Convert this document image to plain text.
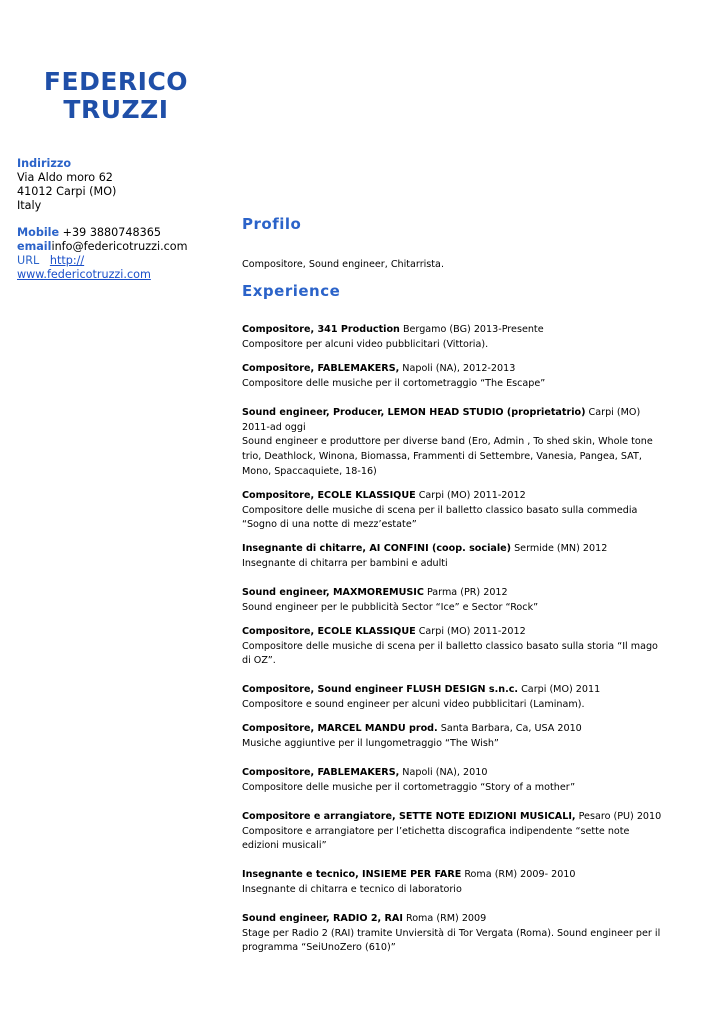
FEDERICO
TRUZZI
Indirizzo
Via Aldo moro 62
41012 Carpi (MO)
Italy
Mobile +39 3880748365
emailinfo@federicotruzzi.com
URL http://
www.federicotruzzi.com
Profilo
Compositore, Sound engineer, Chitarrista.
Experience
Compositore, 341 Production Bergamo (BG) 2013-Presente
Compositore per alcuni video pubblicitari (Vittoria).
Compositore, FABLEMAKERS, Napoli (NA), 2012-2013
Compositore delle musiche per il cortometraggio “The Escape”
Sound engineer, Producer, LEMON HEAD STUDIO (proprietatrio) Carpi (MO) 2011-ad oggi
Sound engineer e produttore per diverse band (Ero, Admin , To shed skin, Whole tone trio, Deathlock, Winona, Biomassa, Frammenti di Settembre, Vanesia, Pangea, SAT, Mono, Spaccaquiete, 18-16)
Compositore, ECOLE KLASSIQUE Carpi (MO) 2011-2012
Compositore delle musiche di scena per il balletto classico basato sulla commedia “Sogno di una notte di mezz’estate”
Insegnante di chitarre, AI CONFINI (coop. sociale) Sermide (MN) 2012
Insegnante di chitarra per bambini e adulti
Sound engineer, MAXMOREMUSIC Parma (PR) 2012
Sound engineer per le pubblicità Sector “Ice” e Sector “Rock”
Compositore, ECOLE KLASSIQUE Carpi (MO) 2011-2012
Compositore delle musiche di scena per il balletto classico basato sulla storia “Il mago di OZ”.
Compositore, Sound engineer FLUSH DESIGN s.n.c. Carpi (MO) 2011
Compositore e sound engineer per alcuni video pubblicitari (Laminam).
Compositore, MARCEL MANDU prod. Santa Barbara, Ca, USA 2010
Musiche aggiuntive per il lungometraggio “The Wish”
Compositore, FABLEMAKERS, Napoli (NA), 2010
Compositore delle musiche per il cortometraggio “Story of a mother”
Compositore e arrangiatore, SETTE NOTE EDIZIONI MUSICALI, Pesaro (PU) 2010
Compositore e arrangiatore per l’etichetta discografica indipendente “sette note edizioni musicali”
Insegnante e tecnico, INSIEME PER FARE Roma (RM) 2009- 2010
Insegnante di chitarra e tecnico di laboratorio
Sound engineer, RADIO 2, RAI Roma (RM) 2009
Stage per Radio 2 (RAI) tramite Unviersità di Tor Vergata (Roma). Sound engineer per il programma “SeiUnoZero (610)”
